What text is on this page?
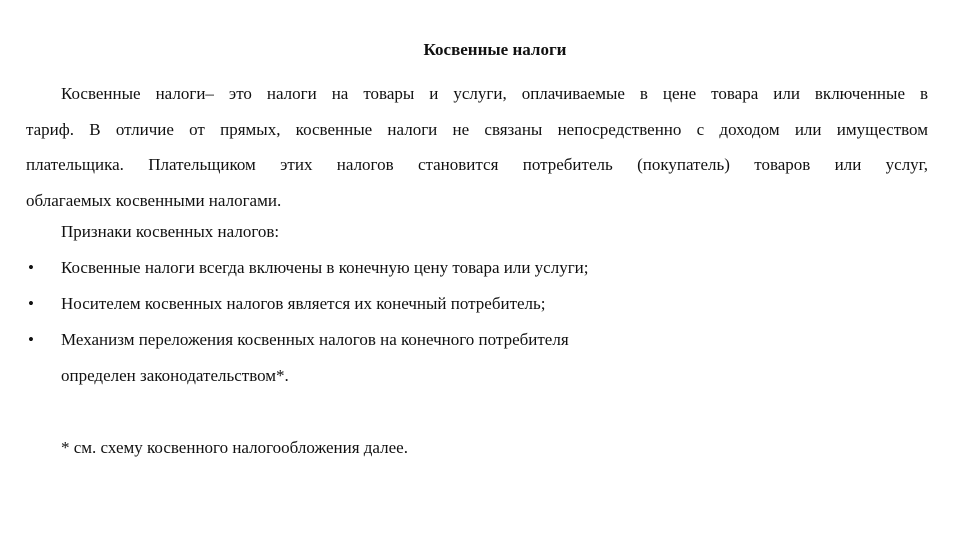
Косвенные налоги
Косвенные налоги– это налоги на товары и услуги, оплачиваемые в цене товара или включенные в
тариф. В отличие от прямых, косвенные налоги не связаны непосредственно с доходом или имуществом
плательщика. Плательщиком этих налогов становится потребитель (покупатель) товаров или услуг,
облагаемых косвенными налогами.
Признаки косвенных налогов:
• Косвенные налоги всегда включены в конечную цену товара или услуги;
• Носителем косвенных налогов является их конечный потребитель;
• Механизм переложения косвенных налогов на конечного потребителя
определен законодательством*.
* см. схему косвенного налогообложения далее.
